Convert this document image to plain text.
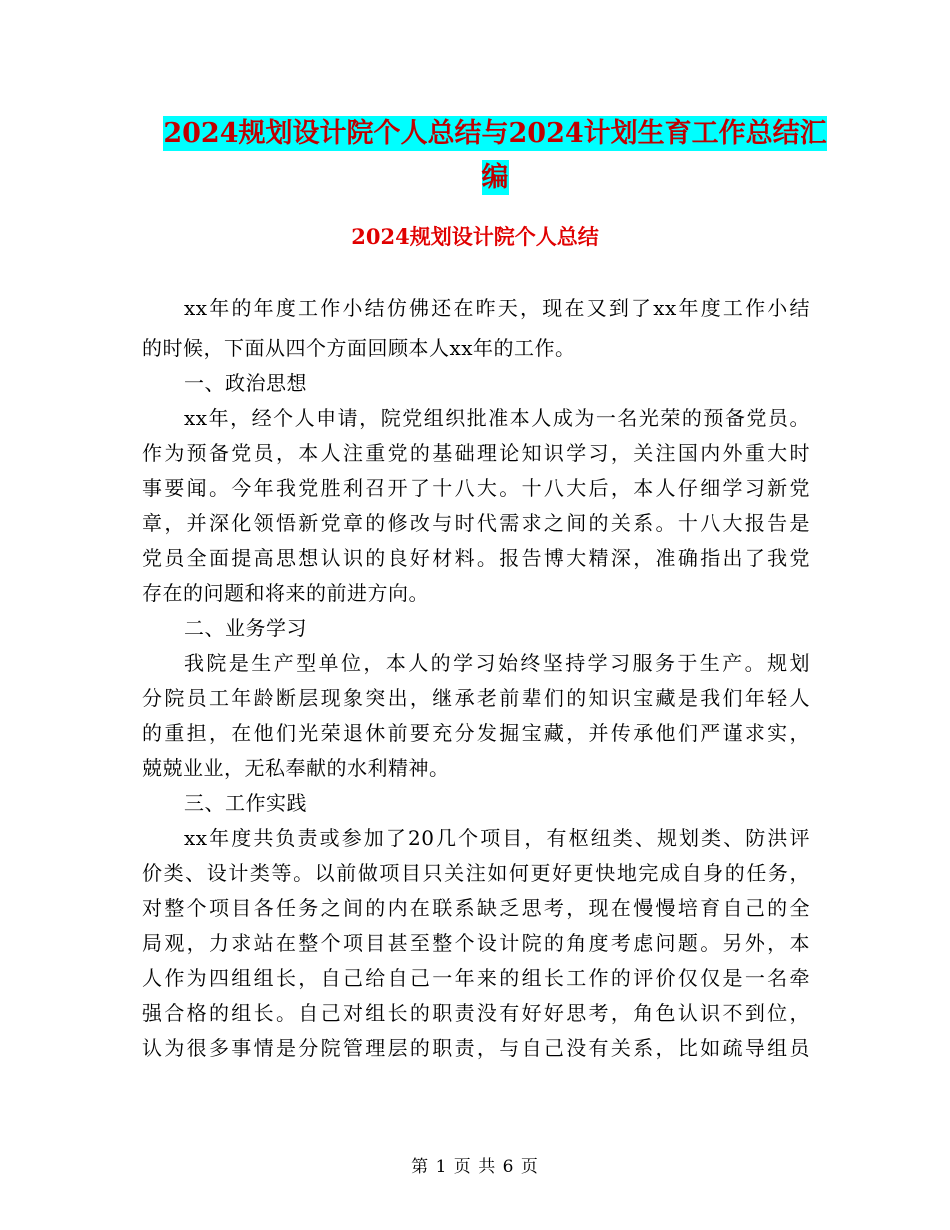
2024规划设计院个人总结与2024计划生育工作总结汇
编
2024规划设计院个人总结
xx年的年度工作小结仿佛还在昨天，现在又到了xx年度工作小结
的时候，下面从四个方面回顾本人xx年的工作。
一、政治思想
xx年，经个人申请，院党组织批准本人成为一名光荣的预备党员。
作为预备党员，本人注重党的基础理论知识学习，关注国内外重大时
事要闻。今年我党胜利召开了十八大。十八大后，本人仔细学习新党
章，并深化领悟新党章的修改与时代需求之间的关系。十八大报告是
党员全面提高思想认识的良好材料。报告博大精深，准确指出了我党
存在的问题和将来的前进方向。
二、业务学习
我院是生产型单位，本人的学习始终坚持学习服务于生产。规划
分院员工年龄断层现象突出，继承老前辈们的知识宝藏是我们年轻人
的重担，在他们光荣退休前要充分发掘宝藏，并传承他们严谨求实，
兢兢业业，无私奉献的水利精神。
三、工作实践
xx年度共负责或参加了20几个项目，有枢纽类、规划类、防洪评
价类、设计类等。以前做项目只关注如何更好更快地完成自身的任务，
对整个项目各任务之间的内在联系缺乏思考，现在慢慢培育自己的全
局观，力求站在整个项目甚至整个设计院的角度考虑问题。另外，本
人作为四组组长，自己给自己一年来的组长工作的评价仅仅是一名牵
强合格的组长。自己对组长的职责没有好好思考，角色认识不到位，
认为很多事情是分院管理层的职责，与自己没有关系，比如疏导组员
第 1 页 共 6 页
